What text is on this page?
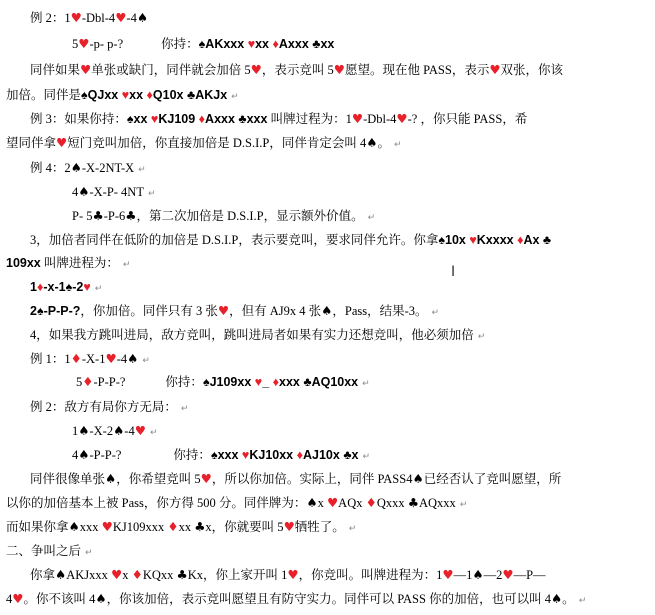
例 2：1♥-Dbl-4♥-4♠
5♥-p- p-?	你持：♠AKxxx ♥xx ♦Axxx ♣xx
同伴如果♥单张或缺门，同伴就会加倍 5♥，表示竞叫 5♥愿望。现在他 PASS，表示♥双张，你该
加倍。同伴是♠QJxx ♥xx ♦Q10x ♣AKJx ↵
例 3：如果你持：♠xx ♥KJ109 ♦Axxx ♣xxx 叫牌过程为：1♥-Dbl-4♥-? ，你只能 PASS，希
望同伴拿♥短门竞叫加倍，你直接加倍是 D.S.I.P，同伴肯定会叫 4♠。 ↵
例 4：2♠-X-2NT-X ↵
4♠-X-P- 4NT ↵
P- 5♣-P-6♣，第二次加倍是 D.S.I.P，显示额外价值。 ↵
3，加倍者同伴在低阶的加倍是 D.S.I.P，表示要竞叫，要求同伴允许。你拿♠10x ♥Kxxxx ♦Ax ♣
109xx 叫牌进程为： ↵	I
1♦-x-1♠-2♥ ↵
2♠-P-P-?，你加倍。同伴只有 3 张♥，但有 AJ9x 4 张♠，Pass，结果-3。 ↵
4，如果我方跳叫进局，敌方竞叫，跳叫进局者如果有实力还想竞叫，他必须加倍 ↵
例 1：1♦-X-1♥-4♠ ↵
5♦-P-P-?	你持：♠J109xx ♥_ ♦xxx ♣AQ10xx ↵
例 2：敌方有局你方无局： ↵
1♠-X-2♠-4♥ ↵
4♠-P-P-?	你持：♠xxx ♥KJ10xx ♦AJ10x ♣x ↵
同伴很像单张♠，你希望竞叫 5♥，所以你加倍。实际上，同伴 PASS4♠已经否认了竞叫愿望，所
以你的加倍基本上被 Pass，你方得 500 分。同伴牌为：♠x ♥AQx ♦Qxxx ♣AQxxx ↵
而如果你拿♠xxx ♥KJ109xxx ♦xx ♣x，你就要叫 5♥牺牲了。 ↵
二、争叫之后 ↵
你拿♠AKJxxx ♥x ♦KQxx ♣Kx，你上家开叫 1♥，你竞叫。叫牌进程为：1♥—1♠—2♥—P—
4♥。你不该叫 4♠，你该加倍，表示竞叫愿望且有防守实力。同伴可以 PASS 你的加倍，也可以叫 4♠。 ↵
